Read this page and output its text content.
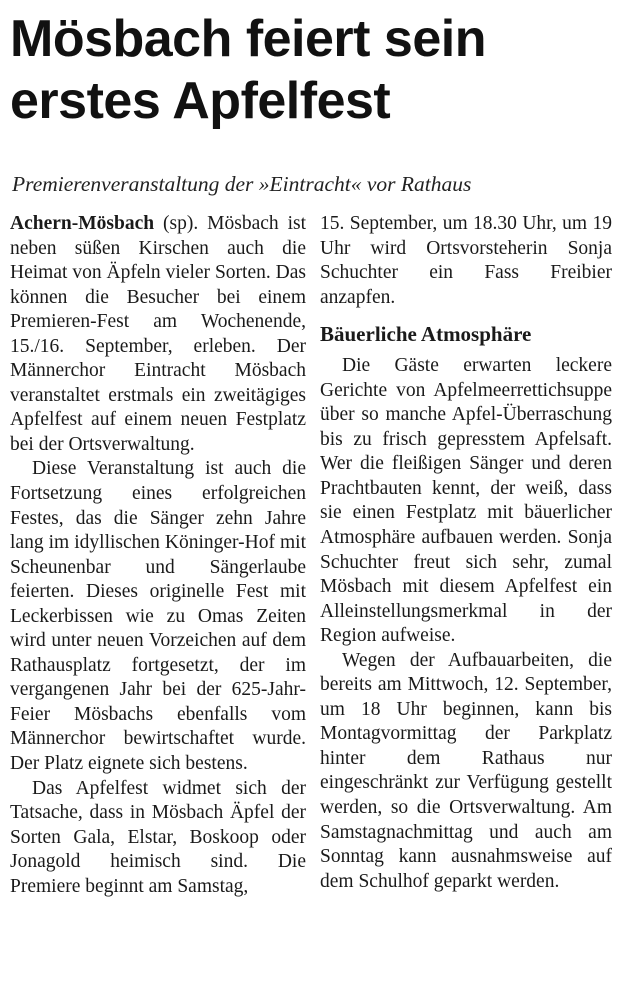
Mösbach feiert sein erstes Apfelfest
Premierenveranstaltung der »Eintracht« vor Rathaus

Achern-Mösbach (sp). Mösbach ist neben süßen Kirschen auch die Heimat von Äpfeln vieler Sorten. Das können die Besucher bei einem Premieren-Fest am Wochenende, 15./16. September, erleben. Der Männerchor Eintracht Mösbach veranstaltet erstmals ein zweitägiges Apfelfest auf einem neuen Festplatz bei der Ortsverwaltung.

Diese Veranstaltung ist auch die Fortsetzung eines erfolgreichen Festes, das die Sänger zehn Jahre lang im idyllischen Köninger-Hof mit Scheunenbar und Sängerlaube feierten. Dieses originelle Fest mit Leckerbissen wie zu Omas Zeiten wird unter neuen Vorzeichen auf dem Rathausplatz fortgesetzt, der im vergangenen Jahr bei der 625-Jahr-Feier Mösbachs ebenfalls vom Männerchor bewirtschaftet wurde. Der Platz eignete sich bestens.

Das Apfelfest widmet sich der Tatsache, dass in Mösbach Äpfel der Sorten Gala, Elstar, Boskoop oder Jonagold heimisch sind. Die Premiere beginnt am Samstag,

15. September, um 18.30 Uhr, um 19 Uhr wird Ortsvorsteherin Sonja Schuchter ein Fass Freibier anzapfen.

Bäuerliche Atmosphäre

Die Gäste erwarten leckere Gerichte von Apfelmeerrettichsuppe über so manche Apfel-Überraschung bis zu frisch gepresstem Apfelsaft. Wer die fleißigen Sänger und deren Prachtbauten kennt, der weiß, dass sie einen Festplatz mit bäuerlicher Atmosphäre aufbauen werden. Sonja Schuchter freut sich sehr, zumal Mösbach mit diesem Apfelfest ein Alleinstellungsmerkmal in der Region aufweise.

Wegen der Aufbauarbeiten, die bereits am Mittwoch, 12. September, um 18 Uhr beginnen, kann bis Montagvormittag der Parkplatz hinter dem Rathaus nur eingeschränkt zur Verfügung gestellt werden, so die Ortsverwaltung. Am Samstagnachmittag und auch am Sonntag kann ausnahmsweise auf dem Schulhof geparkt werden.
